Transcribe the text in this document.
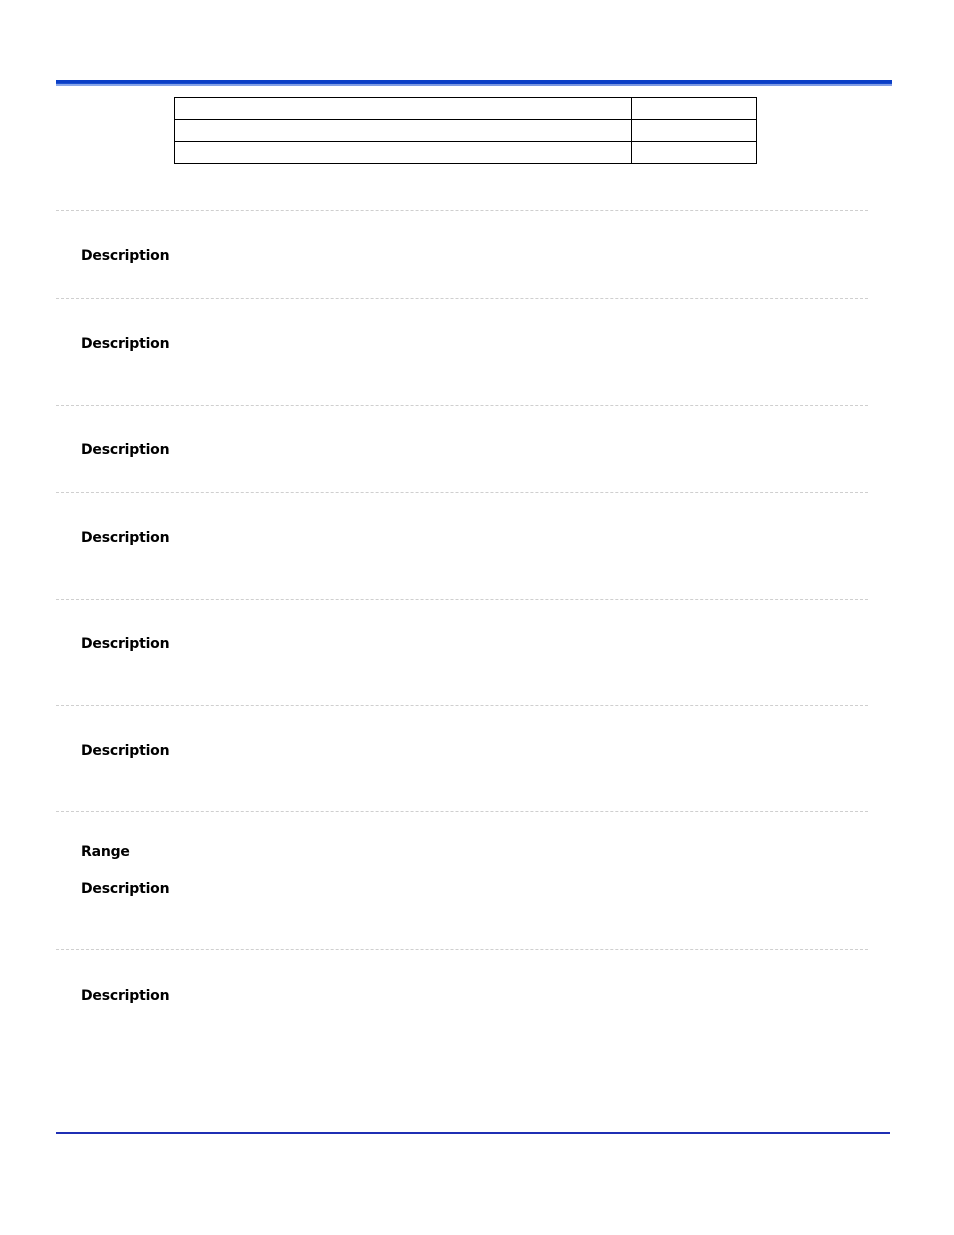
Description
Description
Description
Description
Description
Description
Range
Description
Description
